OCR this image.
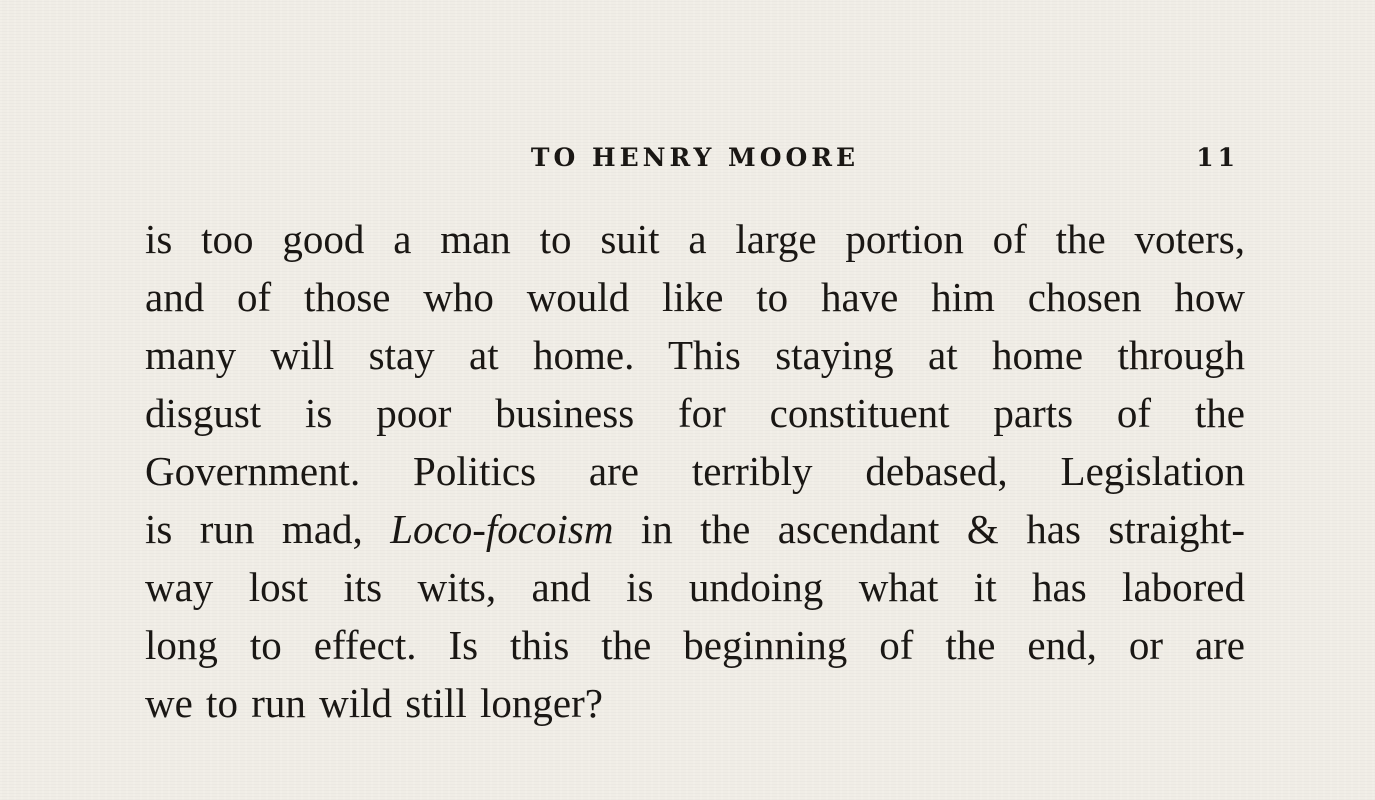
TO HENRY MOORE	11
is too good a man to suit a large portion of the voters,
and of those who would like to have him chosen how
many will stay at home. This staying at home through
disgust is poor business for constituent parts of the
Government. Politics are terribly debased, Legislation
is run mad, Loco-focoism in the ascendant & has straight-
way lost its wits, and is undoing what it has labored
long to effect. Is this the beginning of the end, or are
we to run wild still longer?
